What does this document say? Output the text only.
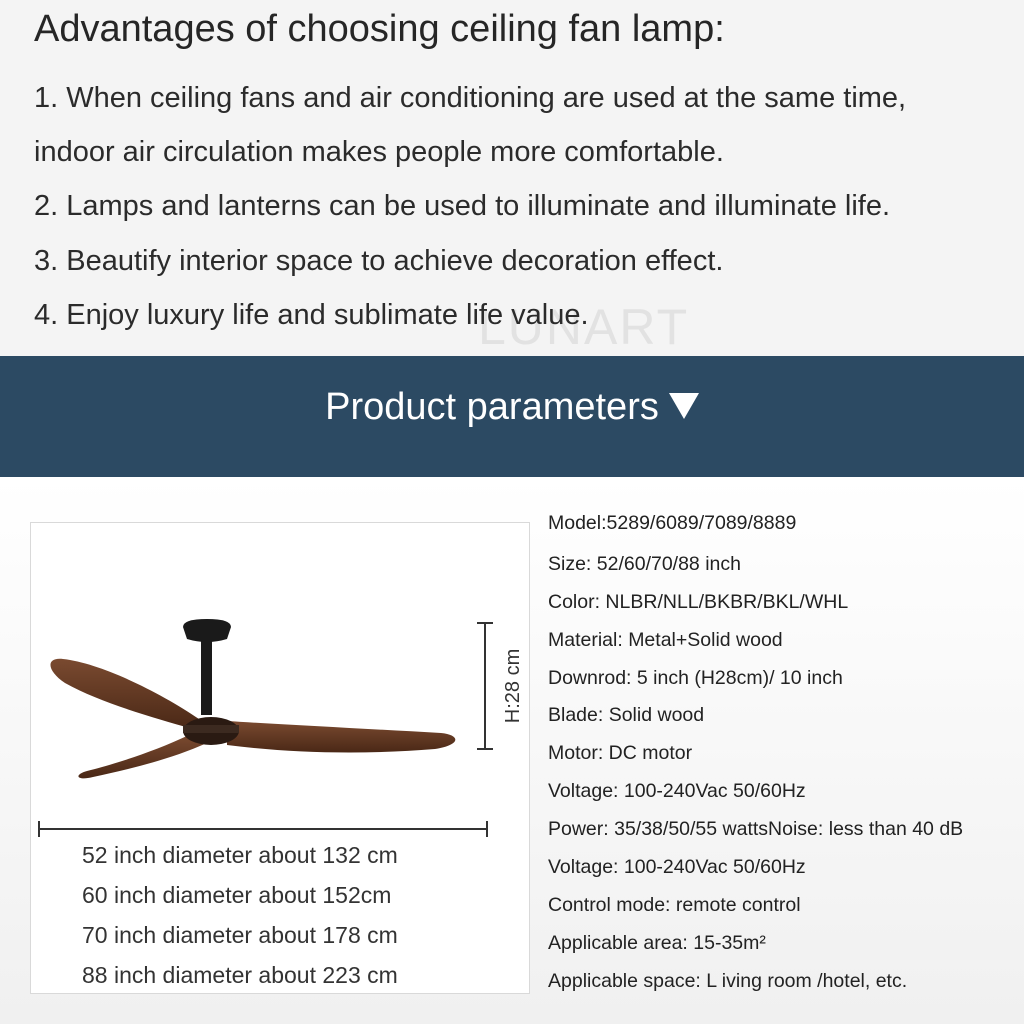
LUNART
Advantages of choosing ceiling fan lamp:
1. When ceiling fans and air conditioning are used at the same time,
indoor air circulation makes people more comfortable.
2. Lamps and lanterns can be used to illuminate and illuminate life.
3. Beautify interior space to achieve decoration effect.
4. Enjoy luxury life and sublimate life value.
Product parameters
H:28 cm
52 inch diameter about 132 cm
60 inch diameter about 152cm
70 inch diameter about 178 cm
88 inch diameter about 223 cm
Model:5289/6089/7089/8889
Size: 52/60/70/88 inch
Color: NLBR/NLL/BKBR/BKL/WHL
Material: Metal+Solid wood
Downrod: 5 inch (H28cm)/ 10 inch
Blade: Solid wood
Motor: DC motor
Voltage: 100-240Vac 50/60Hz
Power: 35/38/50/55 wattsNoise: less than 40 dB
Voltage: 100-240Vac 50/60Hz
Control mode: remote control
Applicable area: 15-35m²
Applicable space: L iving room /hotel, etc.
